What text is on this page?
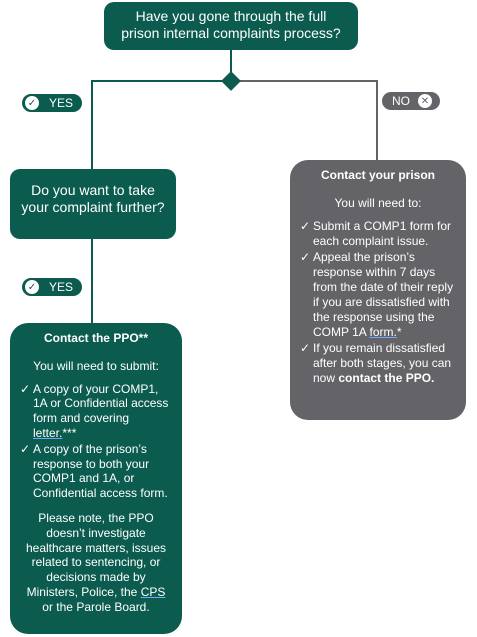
Have you gone through the full
prison internal complaints process?
✓ YES	NO ✕
Do you want to take
your complaint further?
✓ YES
Contact your prison
You will need to:
✓ Submit a COMP1 form for each complaint issue.
✓ Appeal the prison’s response within 7 days from the date of their reply if you are dissatisfied with the response using the COMP 1A form.*
✓ If you remain dissatisfied after both stages, you can now contact the PPO.
Contact the PPO**
You will need to submit:
✓ A copy of your COMP1, 1A or Confidential access form and covering letter.***
✓ A copy of the prison’s response to both your COMP1 and 1A, or Confidential access form.
Please note, the PPO doesn’t investigate healthcare matters, issues related to sentencing, or decisions made by Ministers, Police, the CPS or the Parole Board.
